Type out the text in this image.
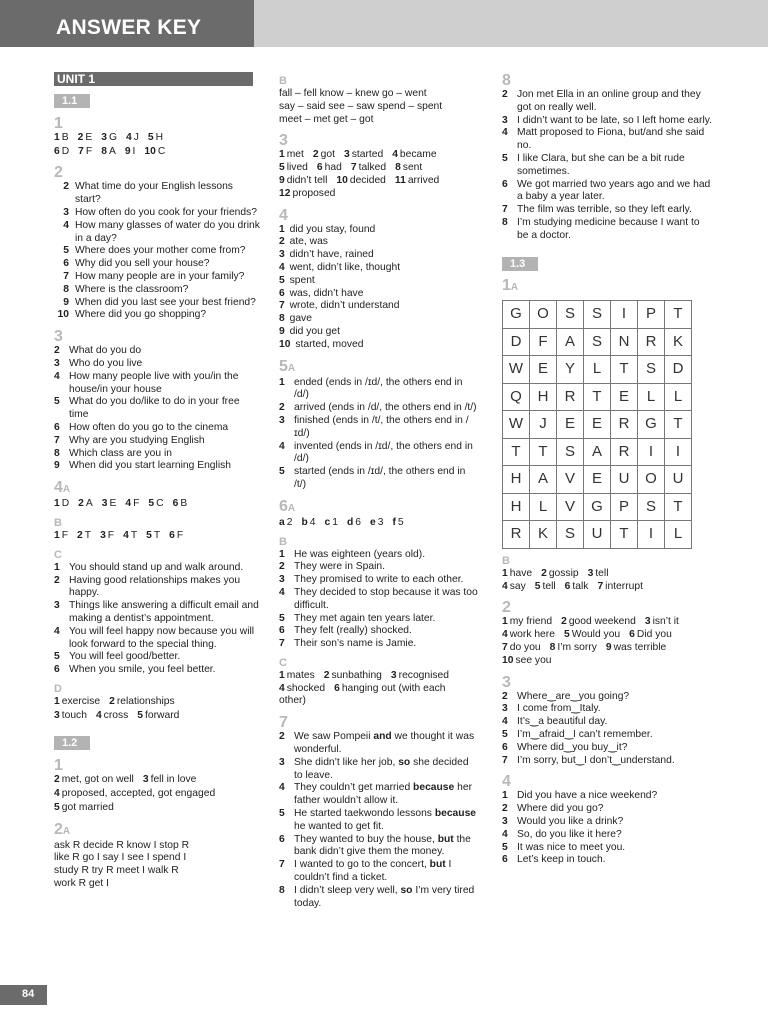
ANSWER KEY
UNIT 1
1.1
1
1 B 2 E 3 G 4 J 5 H
6 D 7 F 8 A 9 I 10 C
2
2 What time do your English lessons start?
3 How often do you cook for your friends?
4 How many glasses of water do you drink in a day?
5 Where does your mother come from?
6 Why did you sell your house?
7 How many people are in your family?
8 Where is the classroom?
9 When did you last see your best friend?
10 Where did you go shopping?
3
2 What do you do
3 Who do you live
4 How many people live with you/in the house/in your house
5 What do you do/like to do in your free time
6 How often do you go to the cinema
7 Why are you studying English
8 Which class are you in
9 When did you start learning English
4A
1 D 2 A 3 E 4 F 5 C 6 B
B
1 F 2 T 3 F 4 T 5 T 6 F
C
1 You should stand up and walk around.
2 Having good relationships makes you happy.
3 Things like answering a difficult email and making a dentist’s appointment.
4 You will feel happy now because you will look forward to the special thing.
5 You will feel good/better.
6 When you smile, you feel better.
D
1 exercise 2 relationships
3 touch 4 cross 5 forward
1.2
1
2 met, got on well 3 fell in love
4 proposed, accepted, got engaged
5 got married
2A
ask R decide R know I stop R
like R go I say I see I spend I
study R try R meet I walk R
work R get I
B
fall – fell know – knew go – went
say – said see – saw spend – spent
meet – met get – got
3
1 met 2 got 3 started 4 became
5 lived 6 had 7 talked 8 sent
9 didn’t tell 10 decided 11 arrived
12 proposed
4
1 did you stay, found
2 ate, was
3 didn’t have, rained
4 went, didn’t like, thought
5 spent
6 was, didn’t have
7 wrote, didn’t understand
8 gave
9 did you get
10 started, moved
5A
1 ended (ends in /ɪd/, the others end in /d/)
2 arrived (ends in /d/, the others end in /t/)
3 finished (ends in /t/, the others end in /ɪd/)
4 invented (ends in /ɪd/, the others end in /d/)
5 started (ends in /ɪd/, the others end in /t/)
6A
a 2 b 4 c 1 d 6 e 3 f 5
B
1 He was eighteen (years old).
2 They were in Spain.
3 They promised to write to each other.
4 They decided to stop because it was too difficult.
5 They met again ten years later.
6 They felt (really) shocked.
7 Their son’s name is Jamie.
C
1 mates 2 sunbathing 3 recognised
4 shocked 6 hanging out (with each
other)
7
2 We saw Pompeii and we thought it was wonderful.
3 She didn’t like her job, so she decided to leave.
4 They couldn’t get married because her father wouldn’t allow it.
5 He started taekwondo lessons because he wanted to get fit.
6 They wanted to buy the house, but the bank didn’t give them the money.
7 I wanted to go to the concert, but I couldn’t find a ticket.
8 I didn’t sleep very well, so I’m very tired today.
8
2 Jon met Ella in an online group and they got on really well.
3 I didn’t want to be late, so I left home early.
4 Matt proposed to Fiona, but/and she said no.
5 I like Clara, but she can be a bit rude sometimes.
6 We got married two years ago and we had a baby a year later.
7 The film was terrible, so they left early.
8 I’m studying medicine because I want to be a doctor.
1.3
1A
G	O	S	S	I	P	T
D	F	A	S	N	R	K
W	E	Y	L	T	S	D
Q	H	R	T	E	L	L
W	J	E	E	R	G	T
T	T	S	A	R	I	I
H	A	V	E	U	O	U
H	L	V	G	P	S	T
R	K	S	U	T	I	L
B
1 have 2 gossip 3 tell
4 say 5 tell 6 talk 7 interrupt
2
1 my friend 2 good weekend 3 isn’t it
4 work here 5 Would you 6 Did you
7 do you 8 I’m sorry 9 was terrible
10 see you
3
2 Where‿are‿you going?
3 I come from‿Italy.
4 It’s‿a beautiful day.
5 I’m‿afraid‿I can’t remember.
6 Where did‿you buy‿it?
7 I’m sorry, but‿I don’t‿understand.
4
1 Did you have a nice weekend?
2 Where did you go?
3 Would you like a drink?
4 So, do you like it here?
5 It was nice to meet you.
6 Let’s keep in touch.
84
